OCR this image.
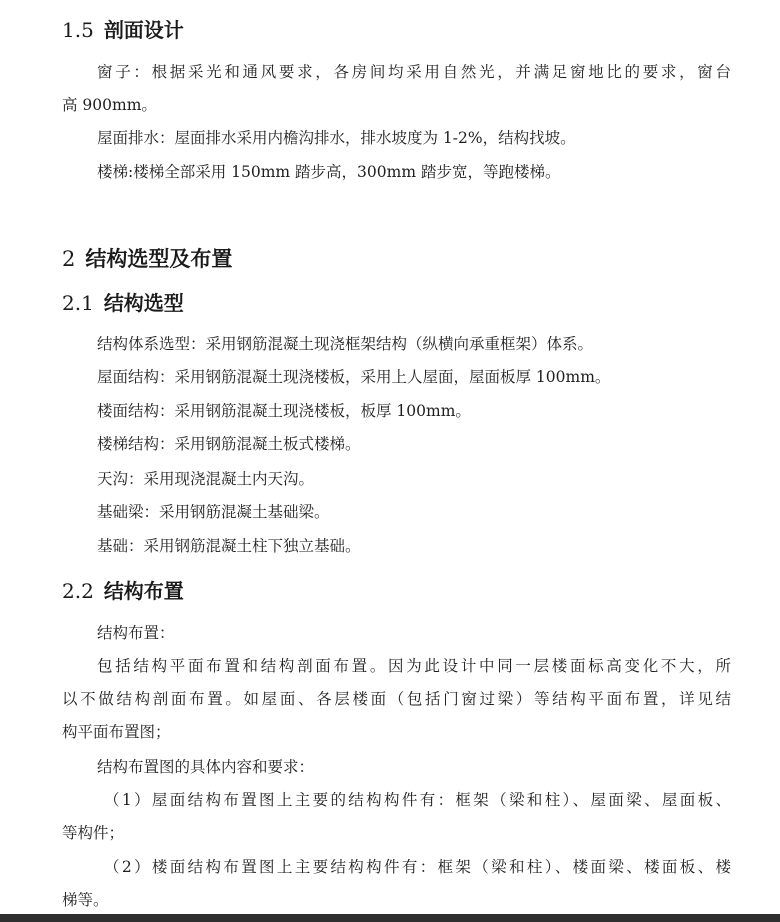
1.5 剖面设计
窗子：根据采光和通风要求，各房间均采用自然光，并满足窗地比的要求，窗台
高 900mm。
屋面排水：屋面排水采用内檐沟排水，排水坡度为 1-2%，结构找坡。
楼梯:楼梯全部采用 150mm 踏步高，300mm 踏步宽，等跑楼梯。
2 结构选型及布置
2.1 结构选型
结构体系选型：采用钢筋混凝土现浇框架结构（纵横向承重框架）体系。
屋面结构：采用钢筋混凝土现浇楼板，采用上人屋面，屋面板厚 100mm。
楼面结构：采用钢筋混凝土现浇楼板，板厚 100mm。
楼梯结构：采用钢筋混凝土板式楼梯。
天沟：采用现浇混凝土内天沟。
基础梁：采用钢筋混凝土基础梁。
基础：采用钢筋混凝土柱下独立基础。
2.2 结构布置
结构布置：
包括结构平面布置和结构剖面布置。因为此设计中同一层楼面标高变化不大，所
以不做结构剖面布置。如屋面、各层楼面（包括门窗过梁）等结构平面布置，详见结
构平面布置图；
结构布置图的具体内容和要求：
（1）屋面结构布置图上主要的结构构件有：框架（梁和柱）、屋面梁、屋面板、
等构件；
（2）楼面结构布置图上主要结构构件有：框架（梁和柱）、楼面梁、楼面板、楼
梯等。
